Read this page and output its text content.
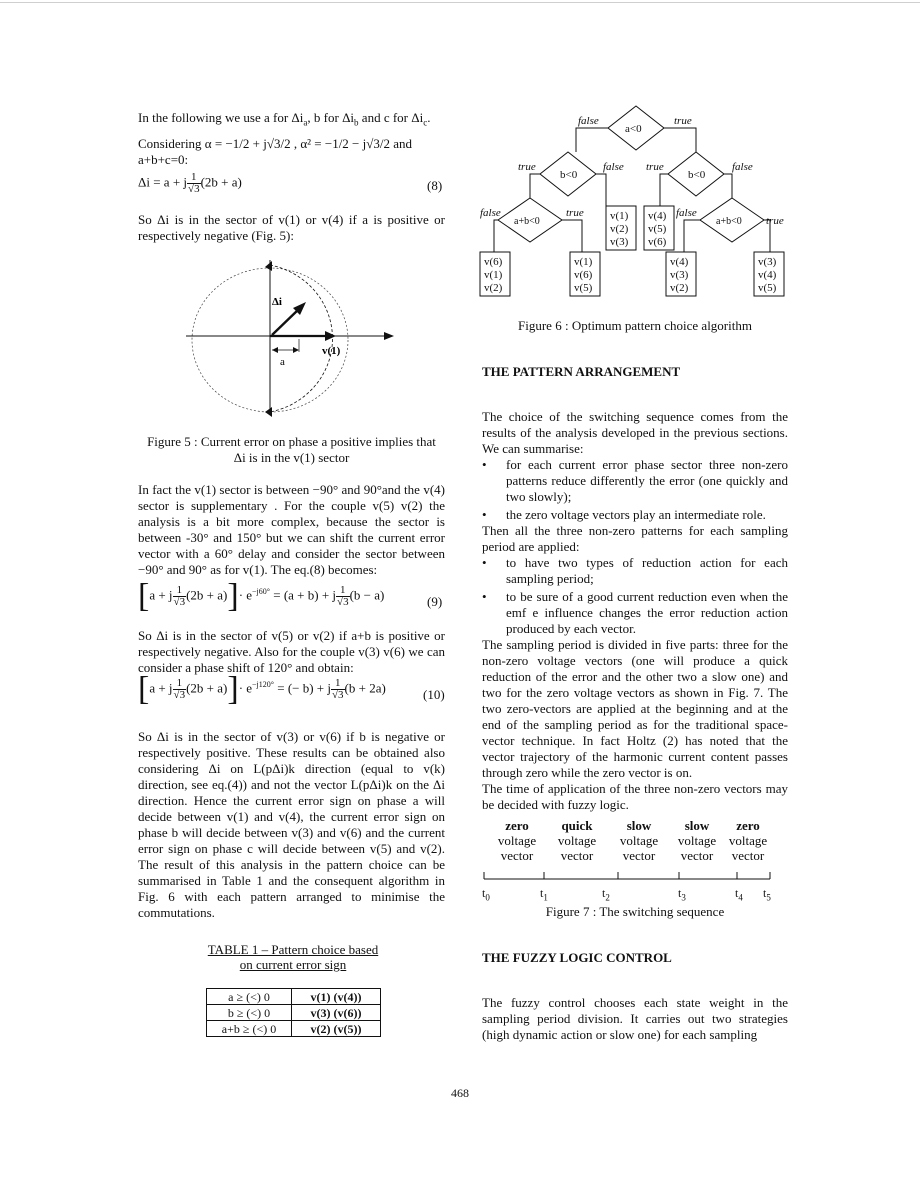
In the following we use a for $\Delta i_a$, b for $\Delta i_b$ and c for $\Delta i_c$.

Considering α = −1/2 + j√3/2 , α² = −1/2 − j√3/2 and

a+b+c=0:

Δi = a + j $\frac{1}{√3} (2b + a)$	(8)

So Δi is in the sector of v(1) or v(4) if a is positive or respectively negative (Fig. 5):

Δi
a
v(1)
Figure 5 : Current error on phase a positive implies that
Δi is in the v(1) sector

In fact the v(1) sector is between −90° and 90°and the v(4) sector is supplementary . For the couple v(5) v(2) the analysis is a bit more complex, because the sector is between -30° and 150° but we can shift the current error vector with a 60° delay and consider the sector between −90° and 90° as for v(1). The eq.(8) becomes:

[a + j $\frac{1}{√3} (2b + a)]\cdot e^{-j60^\circ} = (a + b) + j \frac{1}{√3} (b - a)$	(9)

So Δi is in the sector of v(5) or v(2) if a+b is positive or respectively negative. Also for the couple v(3) v(6) we can consider a phase shift of 120° and obtain:

[a + j $\frac{1}{√3} (2b + a)]\cdot e^{-j120^\circ}$ = (− b) + j $\frac{1}{√3} (b + 2a)$	(10)

So Δi is in the sector of v(3) or v(6) if b is negative or respectively positive. These results can be obtained also considering Δi on L(pΔi)k direction (equal to v(k) direction, see eq.(4)) and not the vector L(pΔi)k on the Δi direction. Hence the current error sign on phase a will decide between v(1) and v(4), the current error sign on phase b will decide between v(3) and v(6) and the current error sign on phase c will decide between v(5) and v(2). The result of this analysis in the pattern choice can be summarised in Table 1 and the consequent algorithm in Fig. 6 with each pattern arranged to minimise the commutations.

TABLE 1 – Pattern choice based
on current error sign
a ≥ (<) 0	v(1) (v(4))
b ≥ (<) 0	v(3) (v(6))
a+b ≥ (<) 0	v(2) (v(5))
a<0
false	true
b<0
true	false
b<0
true	false
a+b<0
false	true
a+b<0
false
true
v(6)
v(1)
v(2)
v(1)
v(6)
v(5)
v(1)
v(2)
v(3)
v(4)
v(5)
v(6)
v(4)
v(3)
v(2)
v(3)
v(4)
v(5)
Figure 6 : Optimum pattern choice algorithm
THE PATTERN ARRANGEMENT

The choice of the switching sequence comes from the results of the analysis developed in the previous sections. We can summarise:

• for each current error phase sector three non-zero patterns reduce differently the error (one quickly and two slowly);

• the zero voltage vectors play an intermediate role.

Then all the three non-zero patterns for each sampling period are applied:

• to have two types of reduction action for each sampling period;

• to be sure of a good current reduction even when the emf e influence changes the error reduction action produced by each vector.

The sampling period is divided in five parts: three for the non-zero voltage vectors (one will produce a quick reduction of the error and the other two a slow one) and two for the zero voltage vectors as shown in Fig. 7. The two zero-vectors are applied at the beginning and at the end of the sampling period as for the traditional space-vector technique. In fact Holtz (2) has noted that the vector trajectory of the harmonic current content passes through zero while the zero vector is on.

The time of application of the three non-zero vectors may be decided with fuzzy logic.

zero
voltage
vector
quick
voltage
vector
slow
voltage
vector
slow
voltage
vector
zero
voltage
vector
$t_0$	$t_1$	$t_2$	$t_3$	$t_4$ $t_5$
Figure 7 : The switching sequence
THE FUZZY LOGIC CONTROL

The fuzzy control chooses each state weight in the sampling period division. It carries out two strategies (high dynamic action or slow one) for each sampling

468
